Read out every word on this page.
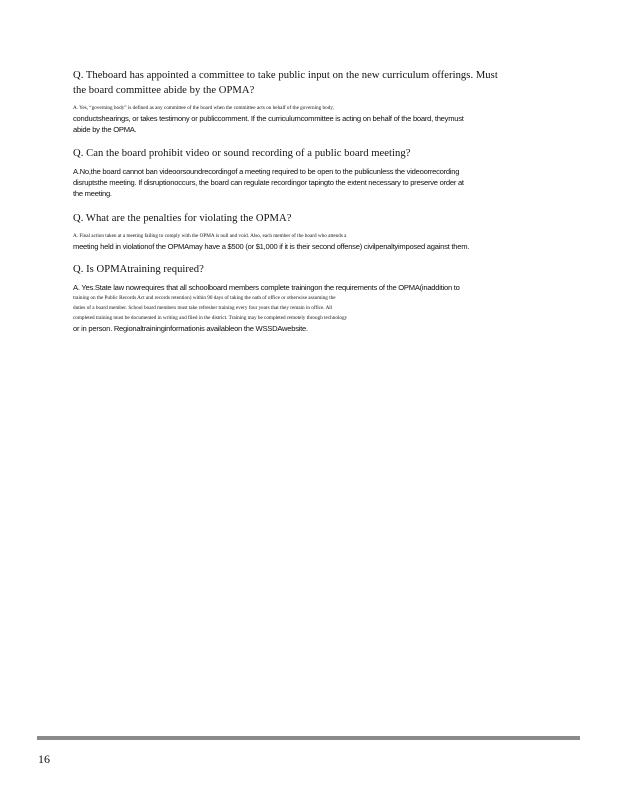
Q. Theboard has appointed a committee to take public input on the new curriculum offerings. Must
the board committee abide by the OPMA?
A. Yes, “governing body” is defined as any committee of the board when the committee acts on behalf of the governing body,
conductshearings, or takes testimony or publiccomment. If the curriculumcommittee is acting on behalf of the board, theymust
abide by the OPMA.
Q. Can the board prohibit video or sound recording of a public board meeting?
A.No,the board cannot ban videoorsoundrecordingof a meeting required to be open to the publicunless the videoorrecording
disruptsthe meeting. If disruptionoccurs, the board can regulate recordingor tapingto the extent necessary to preserve order at
the meeting.
Q. What are the penalties for violating the OPMA?
A. Final action taken at a meeting failing to comply with the OPMA is null and void. Also, each member of the board who attends a
meeting held in violationof the OPMAmay have a $500 (or $1,000 if it is their second offense) civilpenaltyimposed against them.
Q. Is OPMAtraining required?
A. Yes.State law nowrequires that all schoolboard members complete trainingon the requirements of the OPMA(inaddition to
training on the Public Records Act and records retention) within 90 days of taking the oath of office or otherwise assuming the
duties of a board member. School board members must take refresher training every four years that they remain in office. All
completed training must be documented in writing and filed in the district. Training may be completed remotely through technology
or in person. Regionaltraininginformationis availableon the WSSDAwebsite.
16
